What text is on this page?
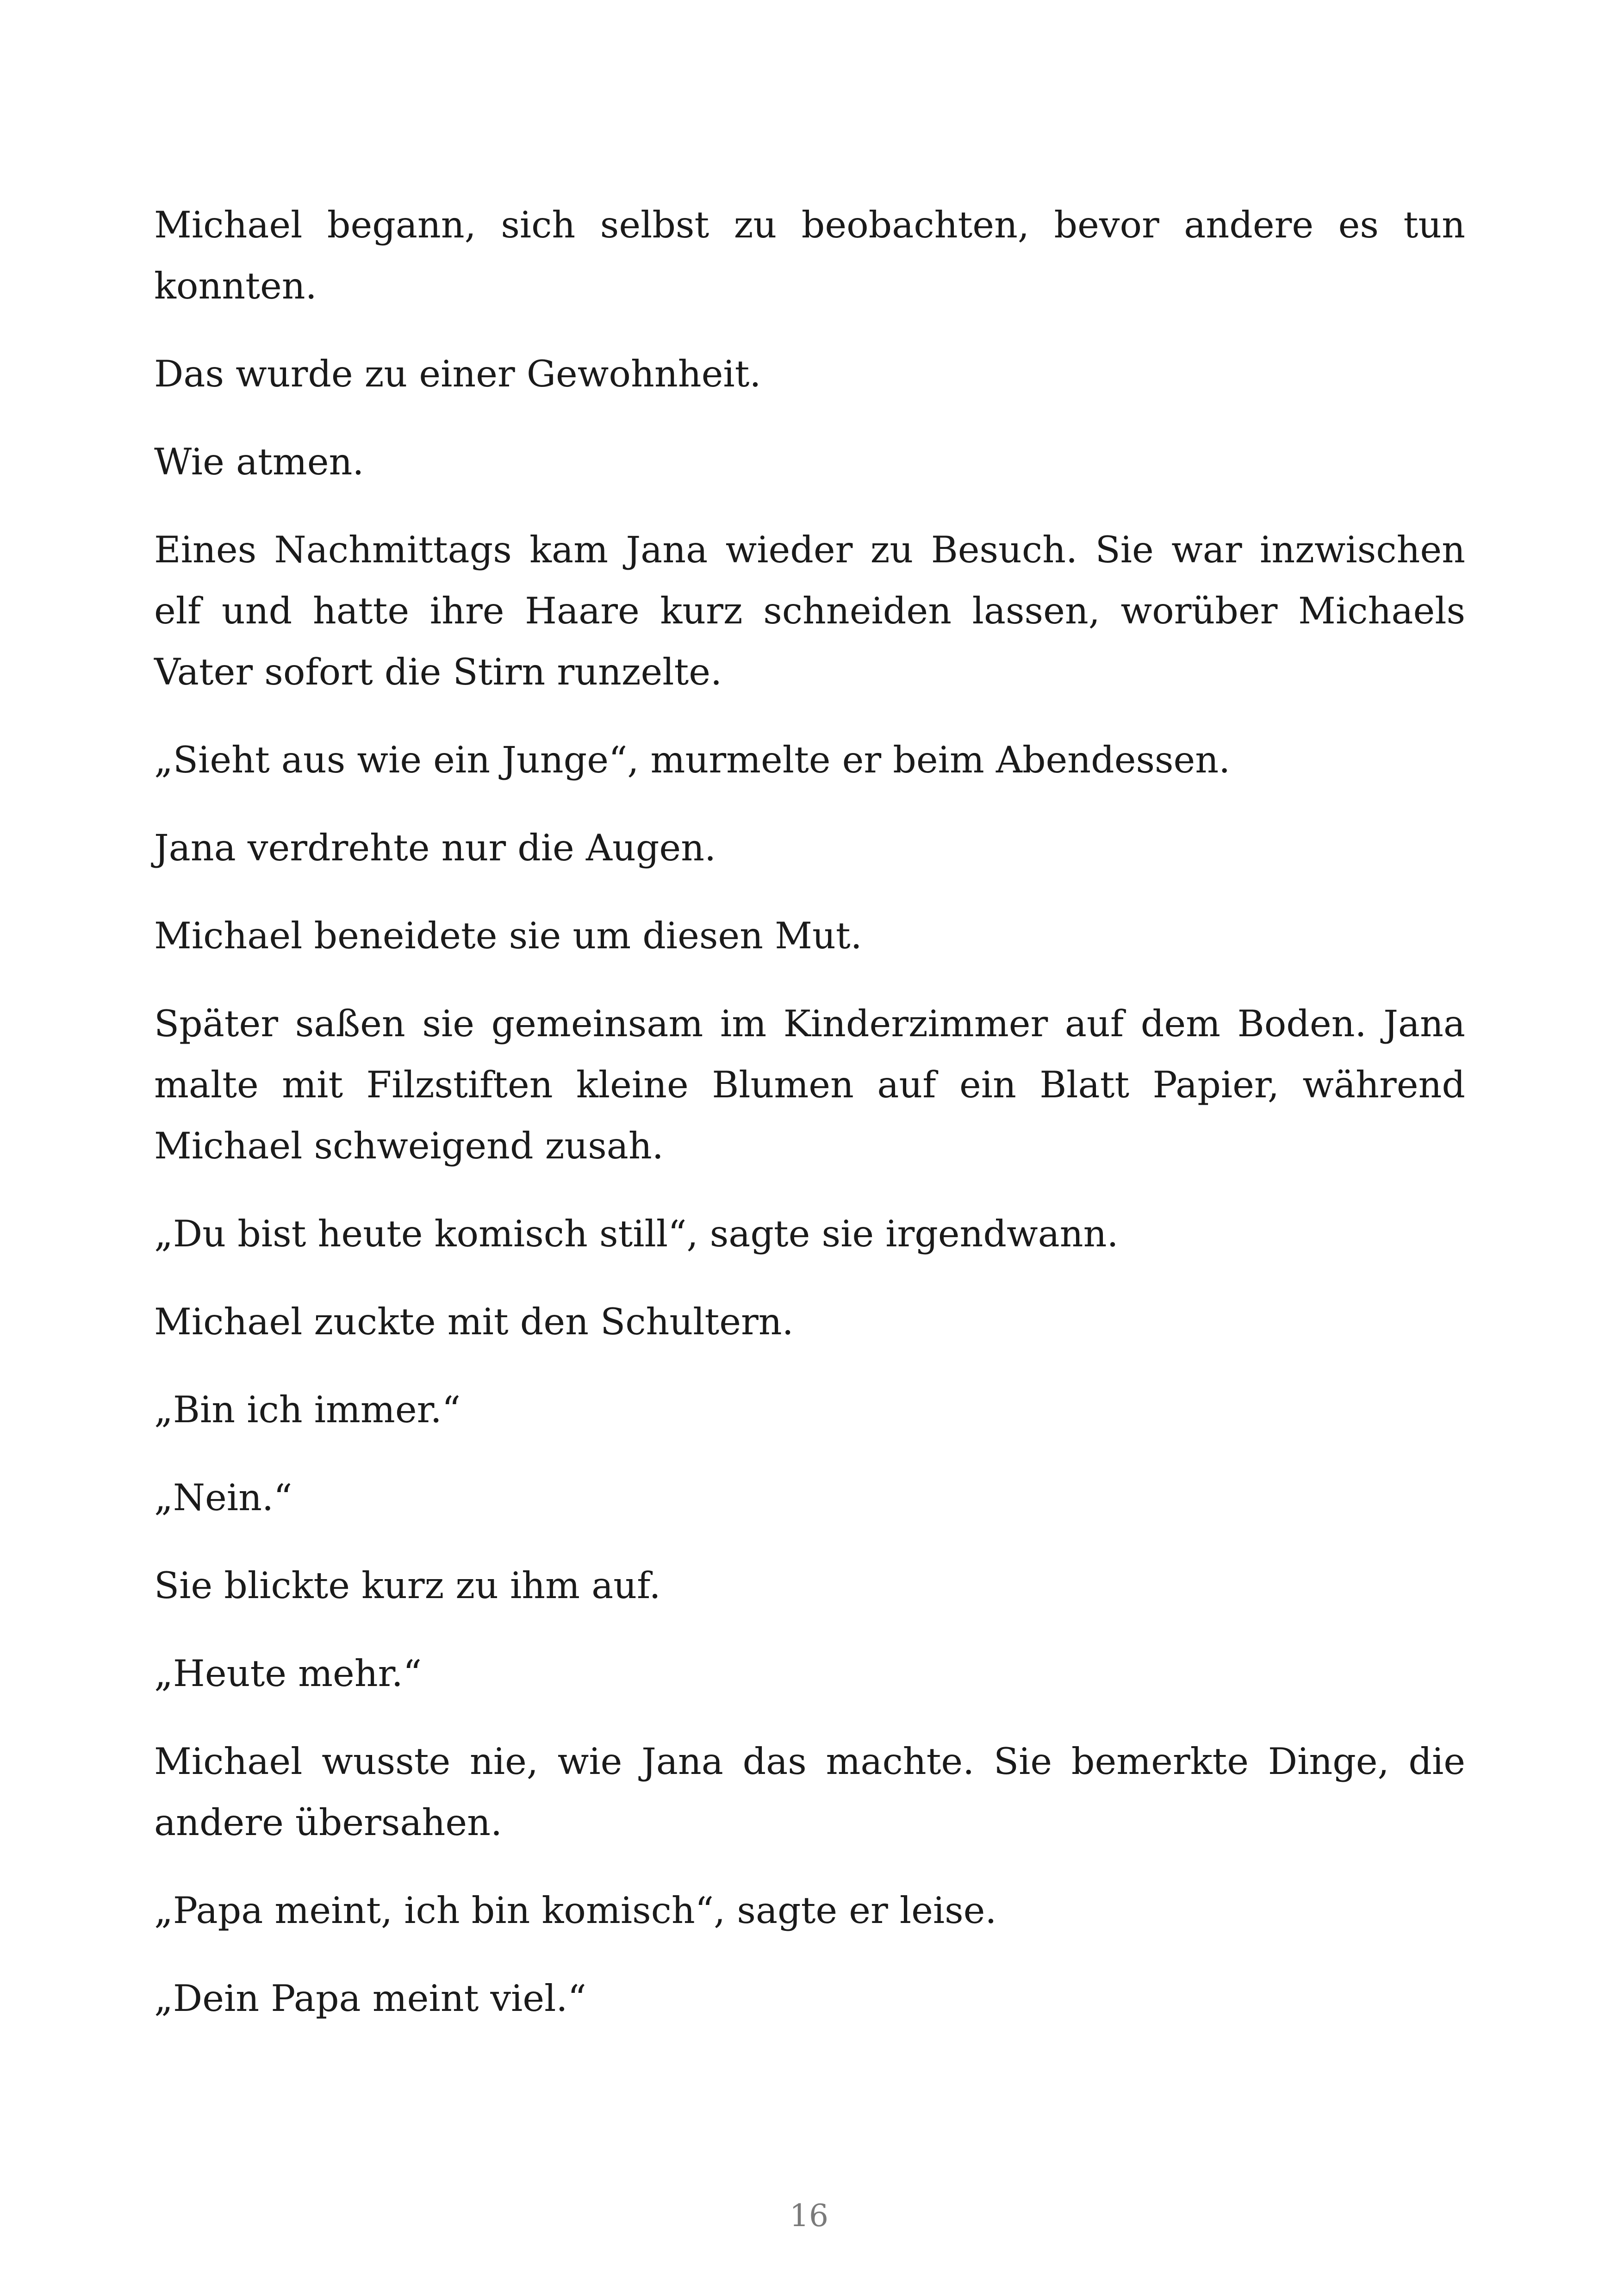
Michael begann, sich selbst zu beobachten, bevor andere es tun konnten.

Das wurde zu einer Gewohnheit.

Wie atmen.

Eines Nachmittags kam Jana wieder zu Besuch. Sie war inzwischen elf und hatte ihre Haare kurz schneiden lassen, worüber Michaels Vater sofort die Stirn runzelte.

„Sieht aus wie ein Junge“, murmelte er beim Abendessen.

Jana verdrehte nur die Augen.

Michael beneidete sie um diesen Mut.

Später saßen sie gemeinsam im Kinderzimmer auf dem Boden. Jana malte mit Filzstiften kleine Blumen auf ein Blatt Papier, während Michael schweigend zusah.

„Du bist heute komisch still“, sagte sie irgendwann.

Michael zuckte mit den Schultern.

„Bin ich immer.“

„Nein.“

Sie blickte kurz zu ihm auf.

„Heute mehr.“

Michael wusste nie, wie Jana das machte. Sie bemerkte Dinge, die andere übersahen.

„Papa meint, ich bin komisch“, sagte er leise.

„Dein Papa meint viel.“

16
